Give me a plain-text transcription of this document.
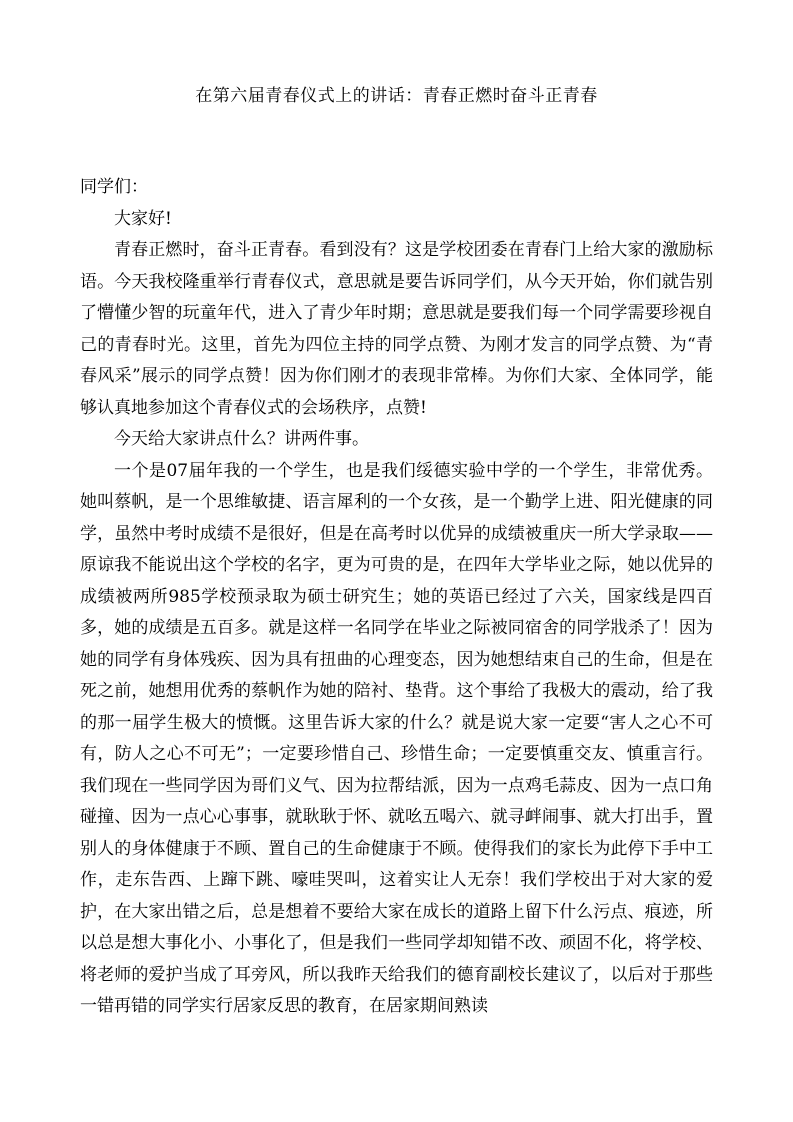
在第六届青春仪式上的讲话：青春正燃时奋斗正青春

同学们：

大家好!

青春正燃时，奋斗正青春。看到没有？这是学校团委在青春门上给大家的激励标语。今天我校隆重举行青春仪式，意思就是要告诉同学们，从今天开始，你们就告别了懵懂少智的玩童年代，进入了青少年时期；意思就是要我们每一个同学需要珍视自己的青春时光。这里，首先为四位主持的同学点赞、为刚才发言的同学点赞、为“青春风采”展示的同学点赞！因为你们刚才的表现非常棒。为你们大家、全体同学，能够认真地参加这个青春仪式的会场秩序，点赞!

今天给大家讲点什么？讲两件事。

一个是07届年我的一个学生，也是我们绥德实验中学的一个学生，非常优秀。她叫蔡帆，是一个思维敏捷、语言犀利的一个女孩，是一个勤学上进、阳光健康的同学，虽然中考时成绩不是很好，但是在高考时以优异的成绩被重庆一所大学录取——原谅我不能说出这个学校的名字，更为可贵的是，在四年大学毕业之际，她以优异的成绩被两所985学校预录取为硕士研究生；她的英语已经过了六关，国家线是四百多，她的成绩是五百多。就是这样一名同学在毕业之际被同宿舍的同学戕杀了！因为她的同学有身体残疾、因为具有扭曲的心理变态，因为她想结束自己的生命，但是在死之前，她想用优秀的蔡帆作为她的陪衬、垫背。这个事给了我极大的震动，给了我的那一届学生极大的愤慨。这里告诉大家的什么？就是说大家一定要“害人之心不可有，防人之心不可无”；一定要珍惜自己、珍惜生命；一定要慎重交友、慎重言行。我们现在一些同学因为哥们义气、因为拉帮结派，因为一点鸡毛蒜皮、因为一点口角碰撞、因为一点心心事事，就耿耿于怀、就吆五喝六、就寻衅闹事、就大打出手，置别人的身体健康于不顾、置自己的生命健康于不顾。使得我们的家长为此停下手中工作，走东告西、上蹿下跳、嚎哇哭叫，这着实让人无奈！我们学校出于对大家的爱护，在大家出错之后，总是想着不要给大家在成长的道路上留下什么污点、痕迹，所以总是想大事化小、小事化了，但是我们一些同学却知错不改、顽固不化，将学校、将老师的爱护当成了耳旁风，所以我昨天给我们的德育副校长建议了，以后对于那些一错再错的同学实行居家反思的教育，在居家期间熟读
